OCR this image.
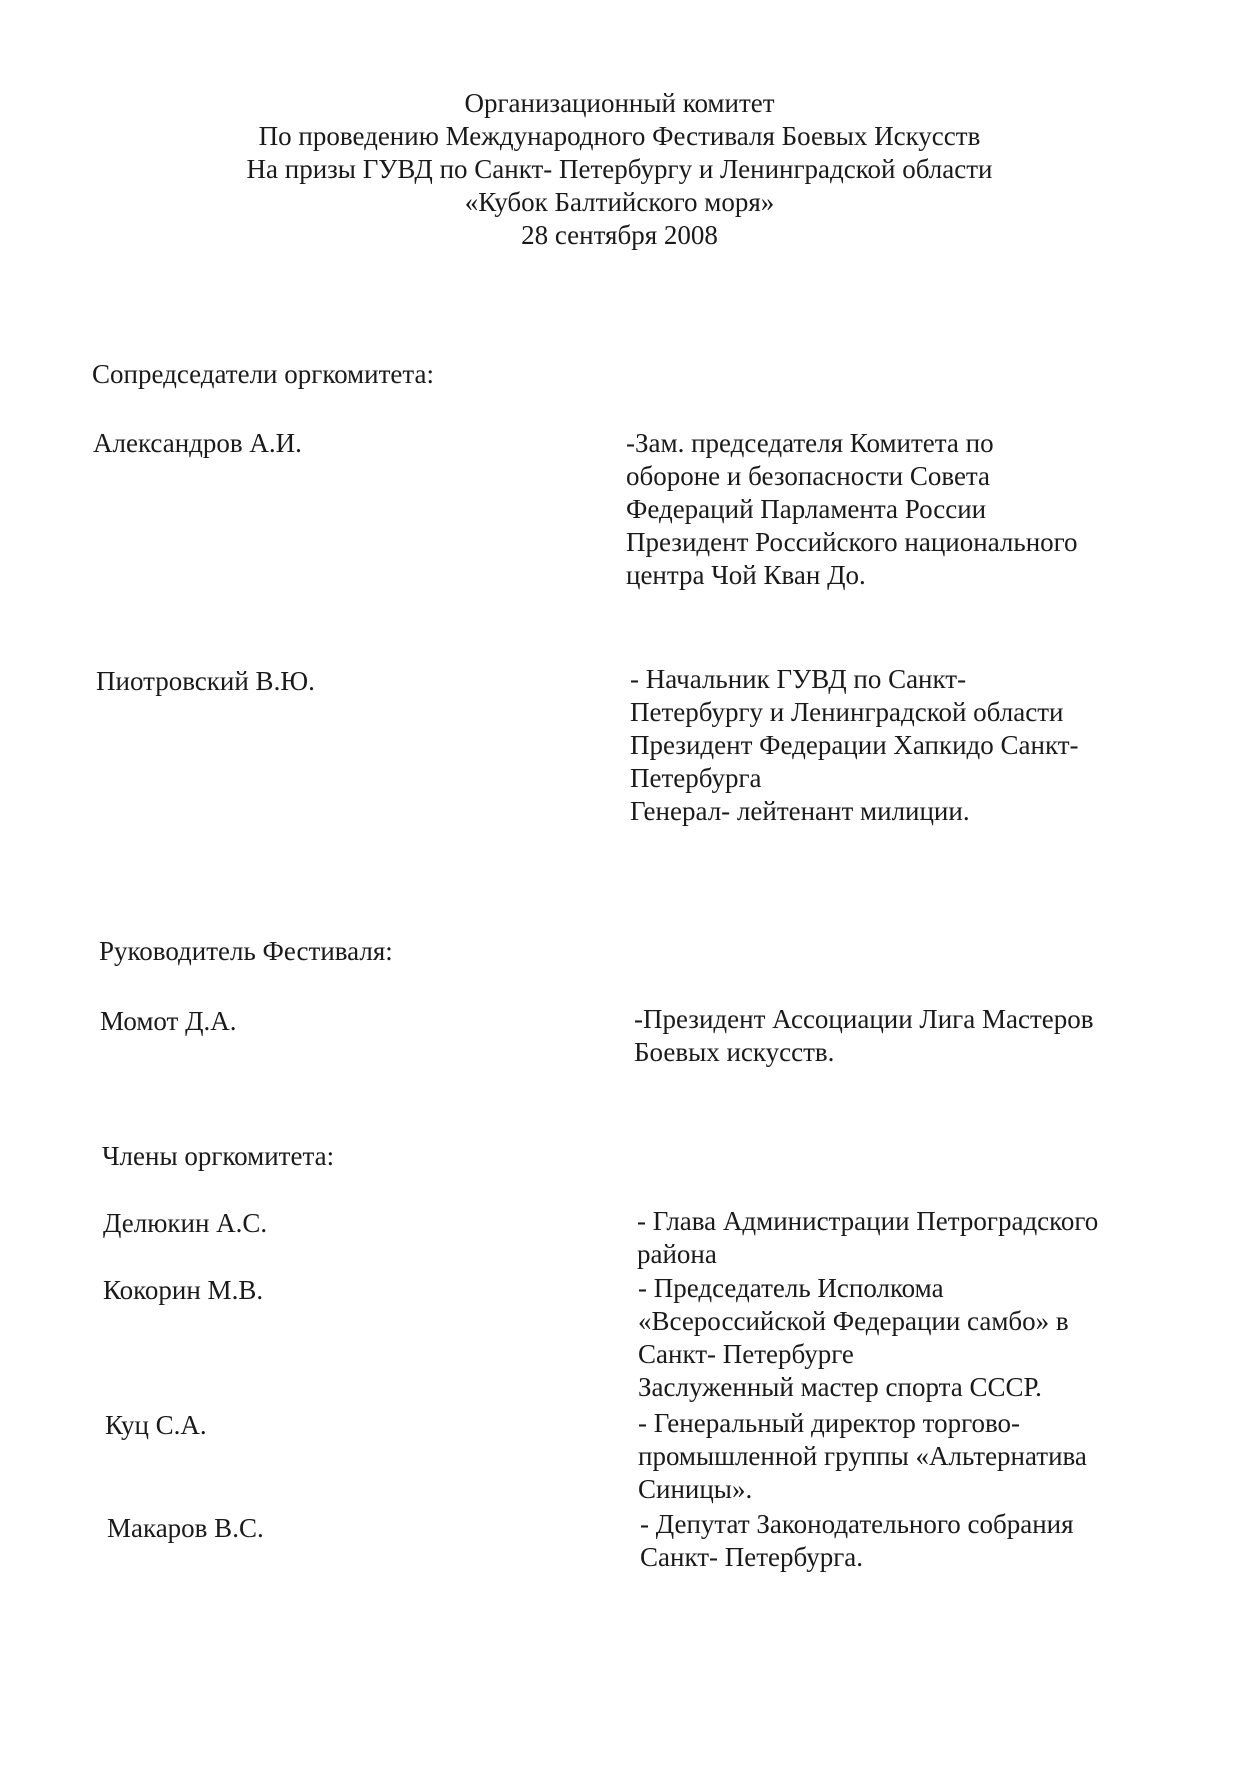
Организационный комитет
По проведению Международного Фестиваля Боевых Искусств
На призы ГУВД по Санкт- Петербургу и Ленинградской области
«Кубок Балтийского моря»
28 сентября 2008
Сопредседатели оргкомитета:
Александров А.И.	-Зам. председателя Комитета по
обороне и безопасности Совета
Федераций Парламента России
Президент Российского национального
центра Чой Кван До.
Пиотровский В.Ю.	- Начальник ГУВД по Санкт-
Петербургу и Ленинградской области
Президент Федерации Хапкидо Санкт-
Петербурга
Генерал- лейтенант милиции.
Руководитель Фестиваля:
Момот Д.А.	-Президент Ассоциации Лига Мастеров
Боевых искусств.
Члены оргкомитета:
Делюкин А.С.	- Глава Администрации Петроградского
района
Кокорин М.В.	- Председатель Исполкома
«Всероссийской Федерации самбо» в
Санкт- Петербурге
Заслуженный мастер спорта СССР.
Куц С.А.	- Генеральный директор торгово-
промышленной группы «Альтернатива
Синицы».
Макаров В.С.	- Депутат Законодательного собрания
Санкт- Петербурга.
